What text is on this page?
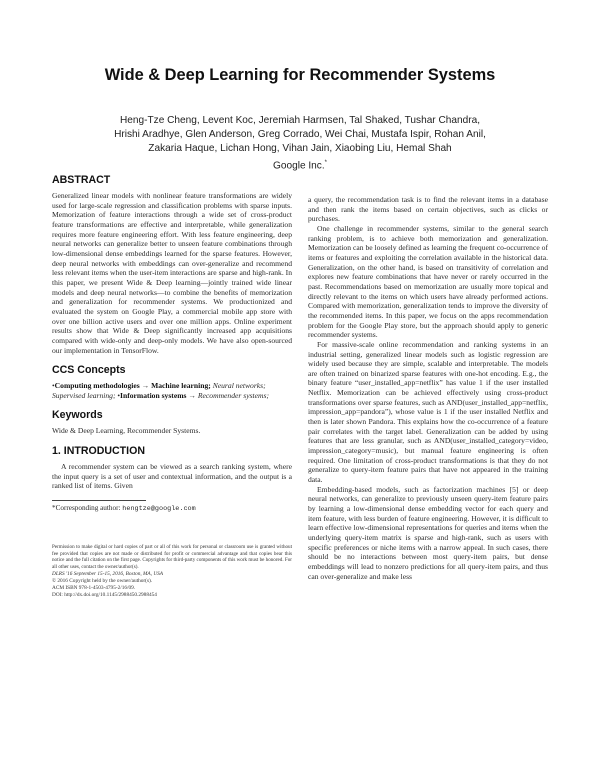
Wide & Deep Learning for Recommender Systems
Heng-Tze Cheng, Levent Koc, Jeremiah Harmsen, Tal Shaked, Tushar Chandra,
Hrishi Aradhye, Glen Anderson, Greg Corrado, Wei Chai, Mustafa Ispir, Rohan Anil,
Zakaria Haque, Lichan Hong, Vihan Jain, Xiaobing Liu, Hemal Shah
Google Inc.*
ABSTRACT

Generalized linear models with nonlinear feature transformations are widely used for large-scale regression and classification problems with sparse inputs. Memorization of feature interactions through a wide set of cross-product feature transformations are effective and interpretable, while generalization requires more feature engineering effort. With less feature engineering, deep neural networks can generalize better to unseen feature combinations through low-dimensional dense embeddings learned for the sparse features. However, deep neural networks with embeddings can over-generalize and recommend less relevant items when the user-item interactions are sparse and high-rank. In this paper, we present Wide & Deep learning—jointly trained wide linear models and deep neural networks—to combine the benefits of memorization and generalization for recommender systems. We productionized and evaluated the system on Google Play, a commercial mobile app store with over one billion active users and over one million apps. Online experiment results show that Wide & Deep significantly increased app acquisitions compared with wide-only and deep-only models. We have also open-sourced our implementation in TensorFlow.

CCS Concepts

•Computing methodologies → Machine learning; Neural networks; Supervised learning; •Information systems → Recommender systems;

Keywords

Wide & Deep Learning, Recommender Systems.

1. INTRODUCTION

A recommender system can be viewed as a search ranking system, where the input query is a set of user and contextual information, and the output is a ranked list of items. Given

*Corresponding author: hengtze@google.com

Permission to make digital or hard copies of part or all of this work for personal or classroom use is granted without fee provided that copies are not made or distributed for profit or commercial advantage and that copies bear this notice and the full citation on the first page. Copyrights for third-party components of this work must be honored. For all other uses, contact the owner/author(s).

DLRS '16 September 15-15, 2016, Boston, MA, USA
© 2016 Copyright held by the owner/author(s).
ACM ISBN 978-1-4503-4795-2/16/09.
DOI: http://dx.doi.org/10.1145/2988450.2988454

a query, the recommendation task is to find the relevant items in a database and then rank the items based on certain objectives, such as clicks or purchases.

One challenge in recommender systems, similar to the general search ranking problem, is to achieve both memorization and generalization. Memorization can be loosely defined as learning the frequent co-occurrence of items or features and exploiting the correlation available in the historical data. Generalization, on the other hand, is based on transitivity of correlation and explores new feature combinations that have never or rarely occurred in the past. Recommendations based on memorization are usually more topical and directly relevant to the items on which users have already performed actions. Compared with memorization, generalization tends to improve the diversity of the recommended items. In this paper, we focus on the apps recommendation problem for the Google Play store, but the approach should apply to generic recommender systems.

For massive-scale online recommendation and ranking systems in an industrial setting, generalized linear models such as logistic regression are widely used because they are simple, scalable and interpretable. The models are often trained on binarized sparse features with one-hot encoding. E.g., the binary feature “user_installed_app=netflix” has value 1 if the user installed Netflix. Memorization can be achieved effectively using cross-product transformations over sparse features, such as AND(user_installed_app=netflix, impression_app=pandora”), whose value is 1 if the user installed Netflix and then is later shown Pandora. This explains how the co-occurrence of a feature pair correlates with the target label. Generalization can be added by using features that are less granular, such as AND(user_installed_category=video, impression_category=music), but manual feature engineering is often required. One limitation of cross-product transformations is that they do not generalize to query-item feature pairs that have not appeared in the training data.

Embedding-based models, such as factorization machines [5] or deep neural networks, can generalize to previously unseen query-item feature pairs by learning a low-dimensional dense embedding vector for each query and item feature, with less burden of feature engineering. However, it is difficult to learn effective low-dimensional representations for queries and items when the underlying query-item matrix is sparse and high-rank, such as users with specific preferences or niche items with a narrow appeal. In such cases, there should be no interactions between most query-item pairs, but dense embeddings will lead to nonzero predictions for all query-item pairs, and thus can over-generalize and make less
